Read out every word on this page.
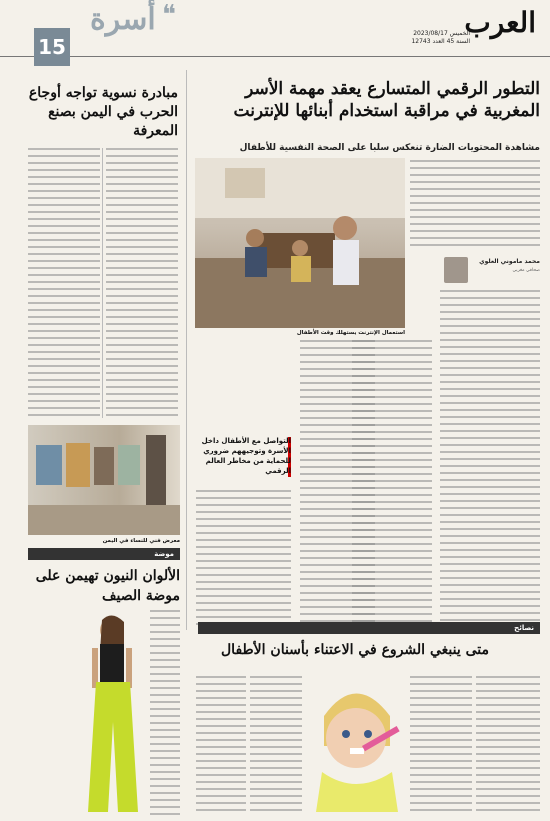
العرب
الخميس 2023/08/17
السنة 45 العدد 12743
❝
أسرة
15
مبادرة نسوية تواجه أوجاع الحرب في اليمن بصنع المعرفة
معرض فني للنساء في اليمن
التطور الرقمي المتسارع يعقد مهمة الأسر المغربية في مراقبة استخدام أبنائها للإنترنت
مشاهدة المحتويات الضارة تنعكس سلبا على الصحة النفسية للأطفال
استعمال الإنترنت يستهلك وقت الأطفال
محمد ماموني العلوي
صحافي مغربي
التواصل مع الأطفال داخل الأسرة وتوجيههم ضروري للحماية من مخاطر العالم الرقمي
موضة
الألوان النيون تهيمن على موضة الصيف
نصائح
متى ينبغي الشروع في الاعتناء بأسنان الأطفال
